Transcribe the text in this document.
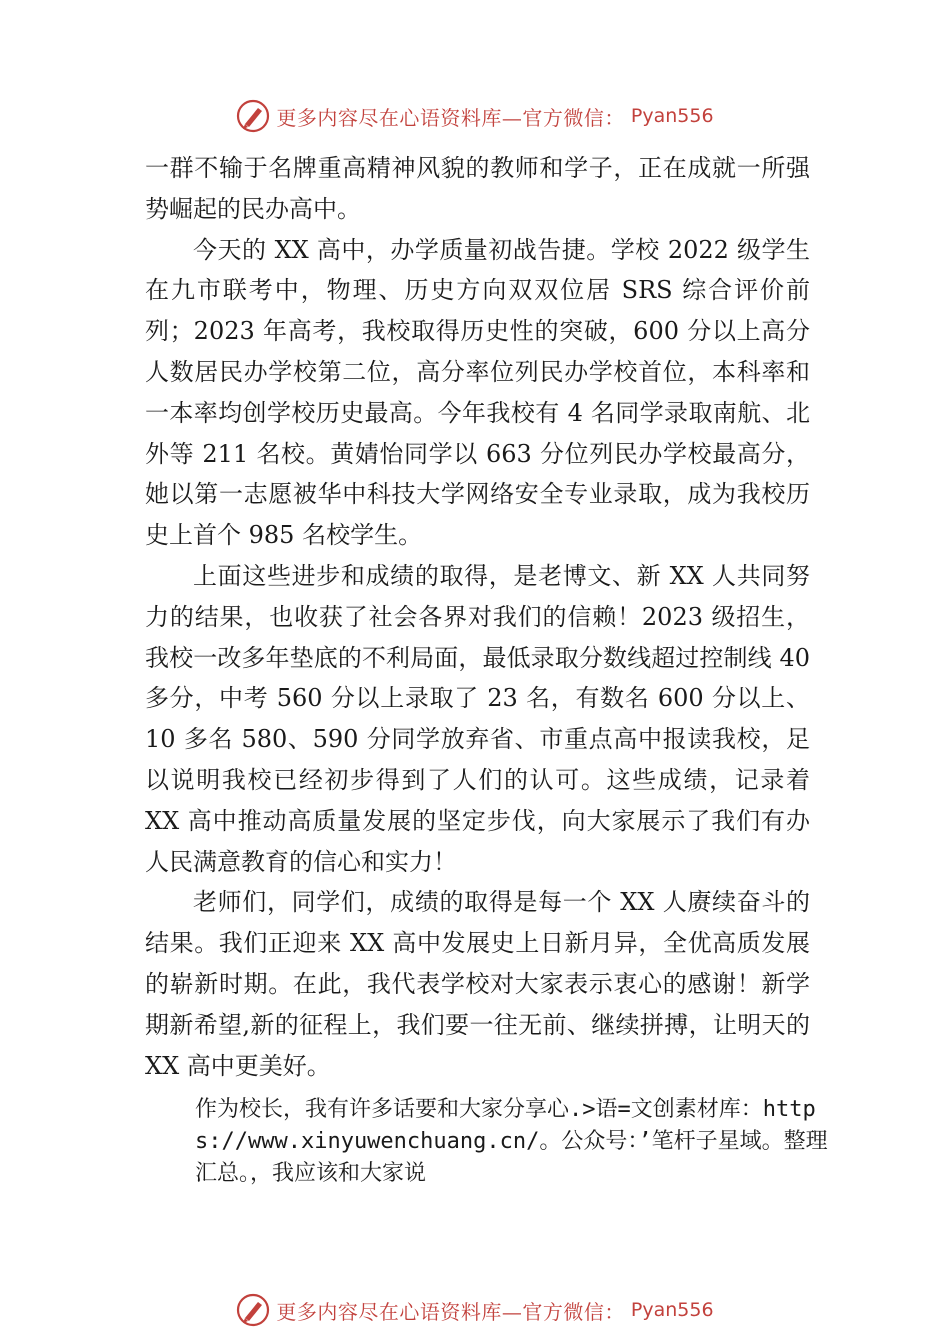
更多内容尽在心语资料库—官方微信： Pyan556

一群不输于名牌重高精神风貌的教师和学子，正在成就一所强势崛起的民办高中。

今天的 XX 高中，办学质量初战告捷。学校 2022 级学生在九市联考中，物理、历史方向双双位居 SRS 综合评价前列；2023 年高考，我校取得历史性的突破，600 分以上高分人数居民办学校第二位，高分率位列民办学校首位，本科率和一本率均创学校历史最高。今年我校有 4 名同学录取南航、北外等 211 名校。黄婧怡同学以 663 分位列民办学校最高分，她以第一志愿被华中科技大学网络安全专业录取，成为我校历史上首个 985 名校学生。

上面这些进步和成绩的取得，是老博文、新 XX 人共同努力的结果，也收获了社会各界对我们的信赖！2023 级招生，我校一改多年垫底的不利局面，最低录取分数线超过控制线 40 多分，中考 560 分以上录取了 23 名，有数名 600 分以上、10 多名 580、590 分同学放弃省、市重点高中报读我校，足以说明我校已经初步得到了人们的认可。这些成绩，记录着 XX 高中推动高质量发展的坚定步伐，向大家展示了我们有办人民满意教育的信心和实力！

老师们，同学们，成绩的取得是每一个 XX 人赓续奋斗的结果。我们正迎来 XX 高中发展史上日新月异，全优高质发展的崭新时期。在此，我代表学校对大家表示衷心的感谢！新学期新希望,新的征程上，我们要一往无前、继续拼搏，让明天的 XX 高中更美好。

作为校长，我有许多话要和大家分享心.>语=文创素材库：https://www.xinyuwenchuang.cn/。公众号：’笔杆子星域。整理汇总。，我应该和大家说
更多内容尽在心语资料库—官方微信： Pyan556
